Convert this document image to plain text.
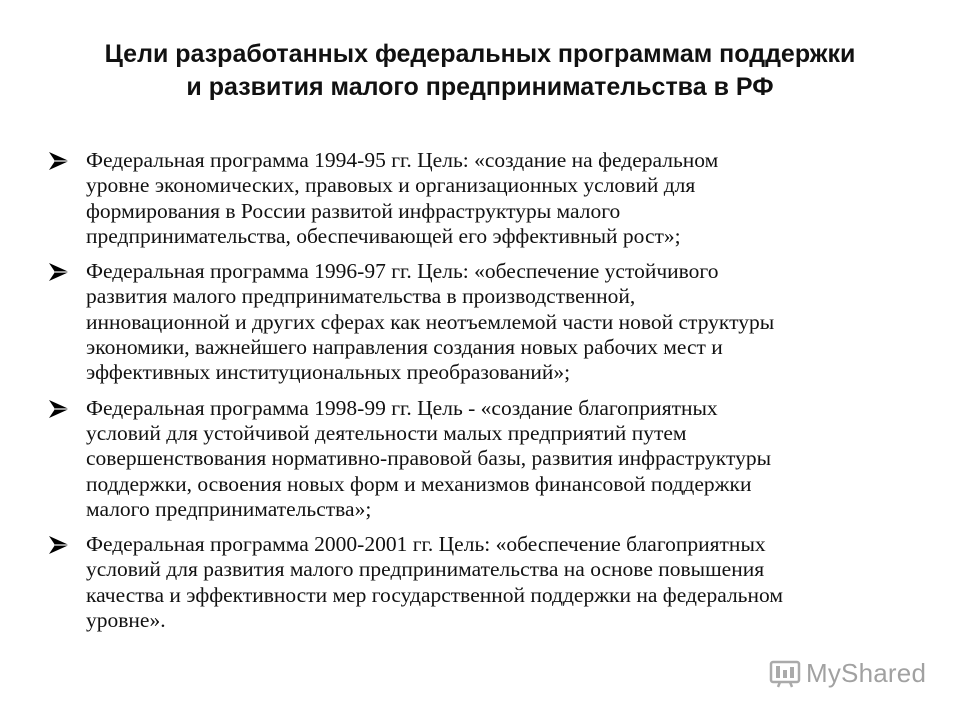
Цели разработанных федеральных программам поддержки
и развития малого предпринимательства в РФ
Федеральная программа 1994-95 гг. Цель: «создание на федеральном
уровне экономических, правовых и организационных условий для
формирования в России развитой инфраструктуры малого
предпринимательства, обеспечивающей его эффективный рост»;
Федеральная программа 1996-97 гг. Цель: «обеспечение устойчивого
развития малого предпринимательства в производственной,
инновационной и других сферах как неотъемлемой части новой структуры
экономики, важнейшего направления создания новых рабочих мест и
эффективных институциональных преобразований»;
Федеральная программа 1998-99 гг. Цель - «создание благоприятных
условий для устойчивой деятельности малых предприятий путем
совершенствования нормативно-правовой базы, развития инфраструктуры
поддержки, освоения новых форм и механизмов финансовой поддержки
малого предпринимательства»;
Федеральная программа 2000-2001 гг. Цель: «обеспечение благоприятных
условий для развития малого предпринимательства на основе повышения
качества и эффективности мер государственной поддержки на федеральном
уровне».
MyShared
